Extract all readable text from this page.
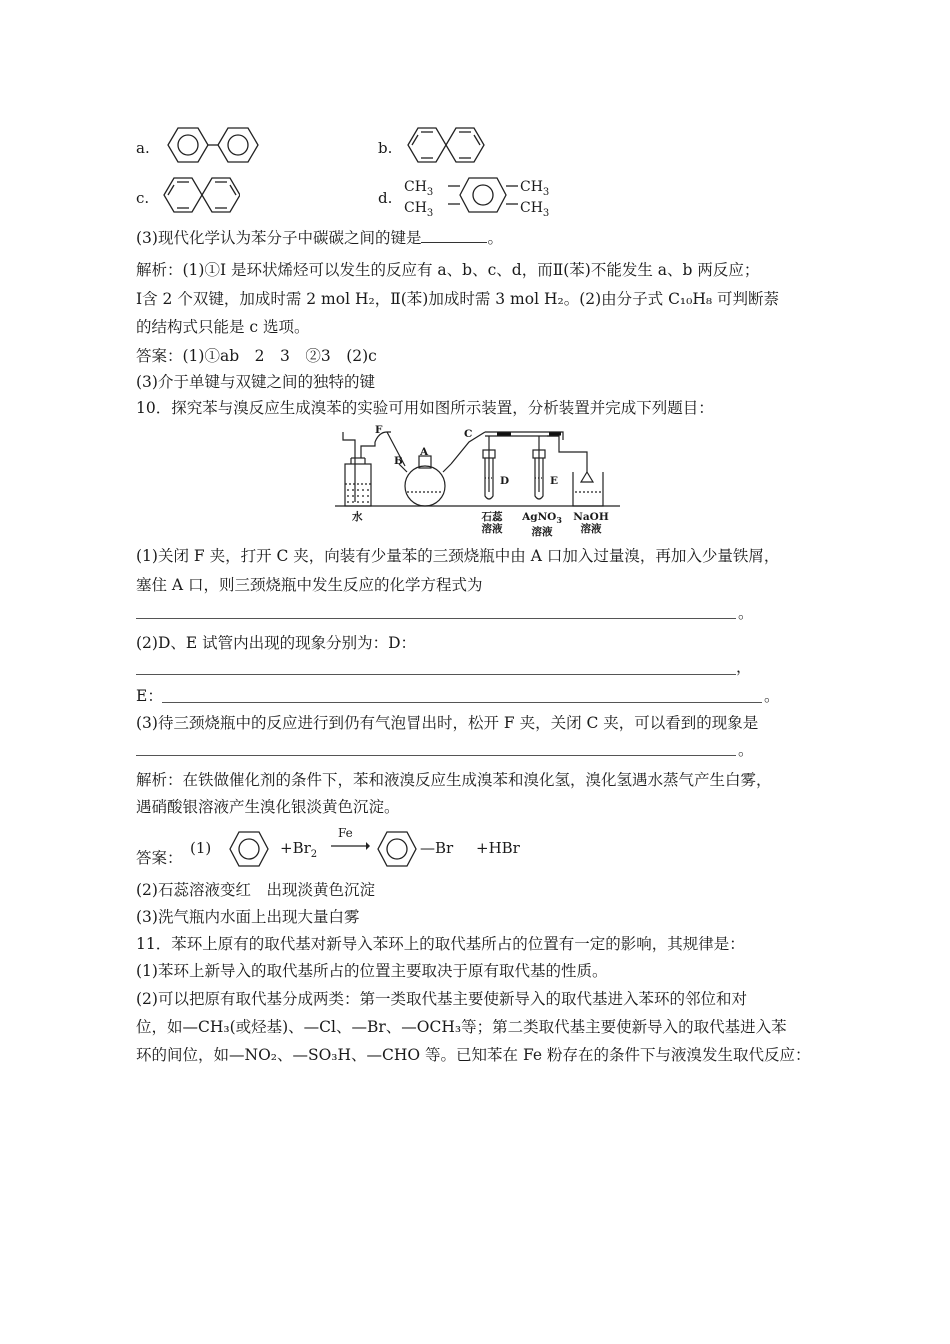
a.	b.
c.	d.
$CH_3$
$CH_3$
$CH_3$
$CH_3$
(3)现代化学认为苯分子中碳碳之间的键是	。
解析：(1)①Ⅰ 是环状烯烃可以发生的反应有 a、b、c、d，而Ⅱ(苯)不能发生 a、b 两反应；
Ⅰ含 2 个双键，加成时需 2 mol H₂，Ⅱ(苯)加成时需 3 mol H₂。(2)由分子式 C₁₀H₈ 可判断萘
的结构式只能是 c 选项。
答案：(1)①ab　2　3　②3　(2)c
(3)介于单键与双键之间的独特的键
10．探究苯与溴反应生成溴苯的实验可用如图所示装置，分析装置并完成下列题目：
F	C
A
B
D	E
水	石蕊
溶液
AgNO$_3$
溶液
NaOH
溶液
(1)关闭 F 夹，打开 C 夹，向装有少量苯的三颈烧瓶中由 A 口加入过量溴，再加入少量铁屑，
塞住 A 口，则三颈烧瓶中发生反应的化学方程式为
。
(2)D、E 试管内出现的现象分别为：D：
，
E：	。
(3)待三颈烧瓶中的反应进行到仍有气泡冒出时，松开 F 夹，关闭 C 夹，可以看到的现象是
。
解析：在铁做催化剂的条件下，苯和液溴反应生成溴苯和溴化氢，溴化氢遇水蒸气产生白雾，
遇硝酸银溶液产生溴化银淡黄色沉淀。
答案：
(1)	$+Br_2$
Fe
—Br +HBr
(2)石蕊溶液变红　出现淡黄色沉淀
(3)洗气瓶内水面上出现大量白雾
11．苯环上原有的取代基对新导入苯环上的取代基所占的位置有一定的影响，其规律是：
(1)苯环上新导入的取代基所占的位置主要取决于原有取代基的性质。
(2)可以把原有取代基分成两类：第一类取代基主要使新导入的取代基进入苯环的邻位和对
位，如—CH₃(或烃基)、—Cl、—Br、—OCH₃等；第二类取代基主要使新导入的取代基进入苯
环的间位，如—NO₂、—SO₃H、—CHO 等。已知苯在 Fe 粉存在的条件下与液溴发生取代反应：
